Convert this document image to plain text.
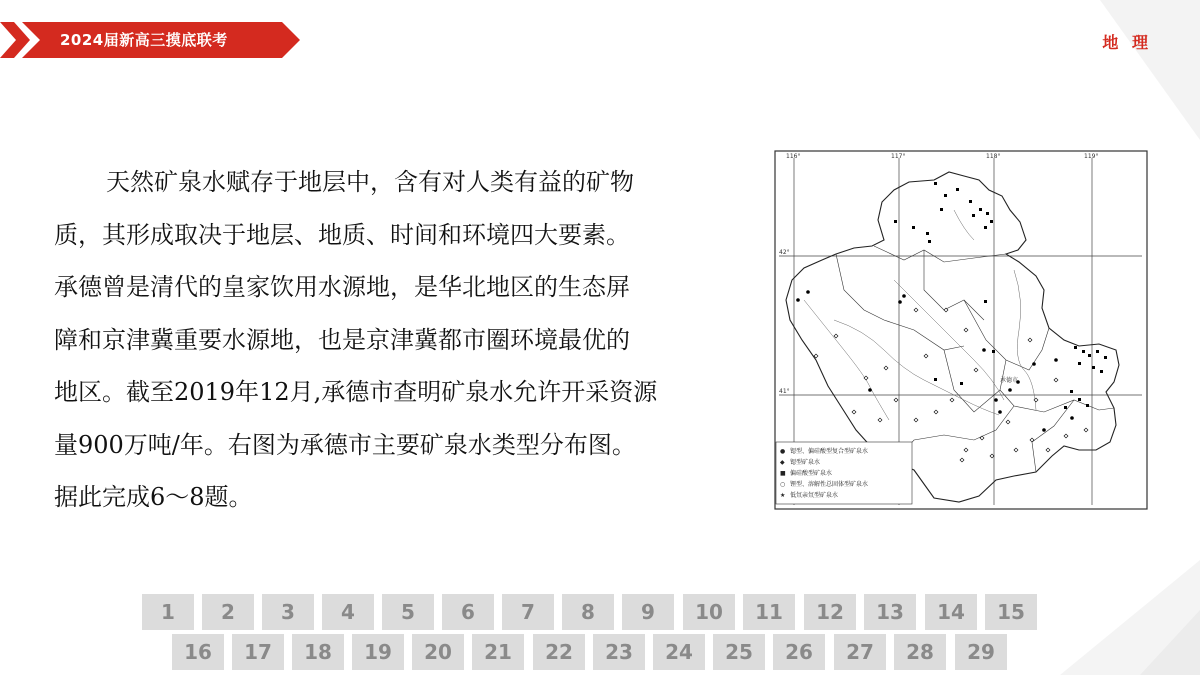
2024届新高三摸底联考	地 理
天然矿泉水赋存于地层中，含有对人类有益的矿物
质，其形成取决于地层、地质、时间和环境四大要素。
承德曾是清代的皇家饮用水源地，是华北地区的生态屏
障和京津冀重要水源地，也是京津冀都市圈环境最优的
地区。截至2019年12月,承德市查明矿泉水允许开采资源
量900万吨/年。右图为承德市主要矿泉水类型分布图。
据此完成6～8题。
116°	117°	118°	119°
42°
41°
承德市
● 锶型、偏硅酸型复合型矿泉水
◆ 锶型矿泉水
■ 偏硅酸型矿泉水
○ 锂型、溶解性总固体型矿泉水
★ 低氘亲氘型矿泉水
1	2	3	4	5	6	7	8	9	10	11	12	13	14	15
16	17	18	19	20	21	22	23	24	25	26	27	28	29
